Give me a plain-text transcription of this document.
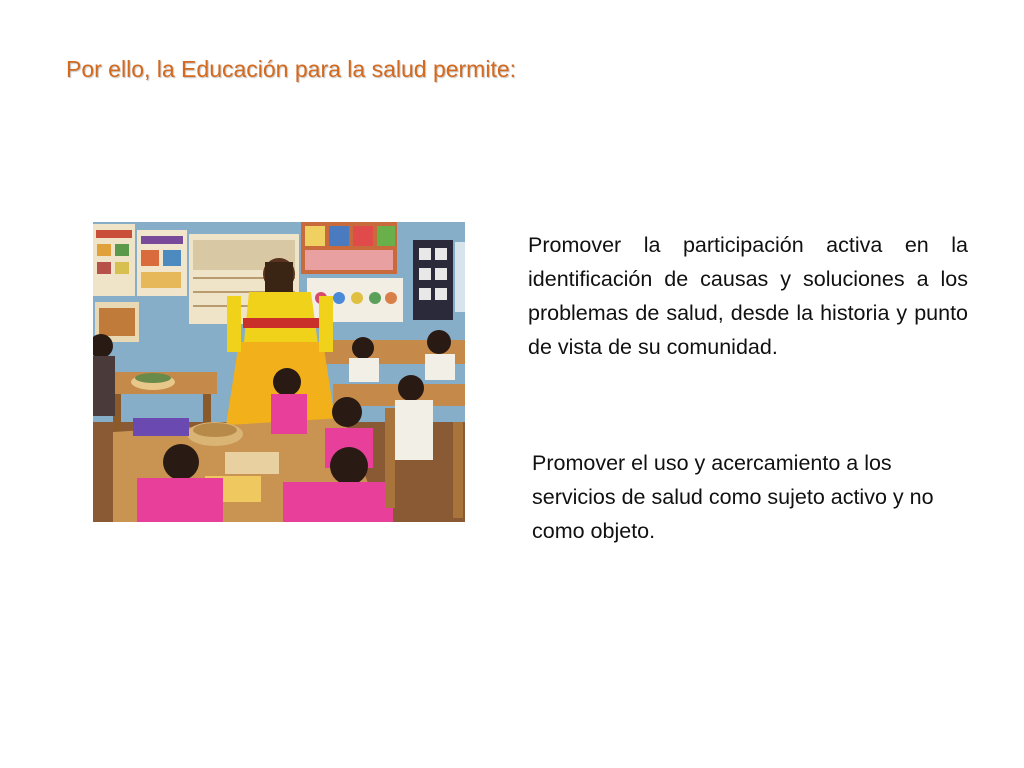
Por ello, la Educación para la salud permite:
Promover la participación activa en la identificación de causas y soluciones a los problemas de salud, desde la historia y punto de vista de su comunidad.
Promover el uso y acercamiento a los servicios de salud como sujeto activo y no como objeto.
